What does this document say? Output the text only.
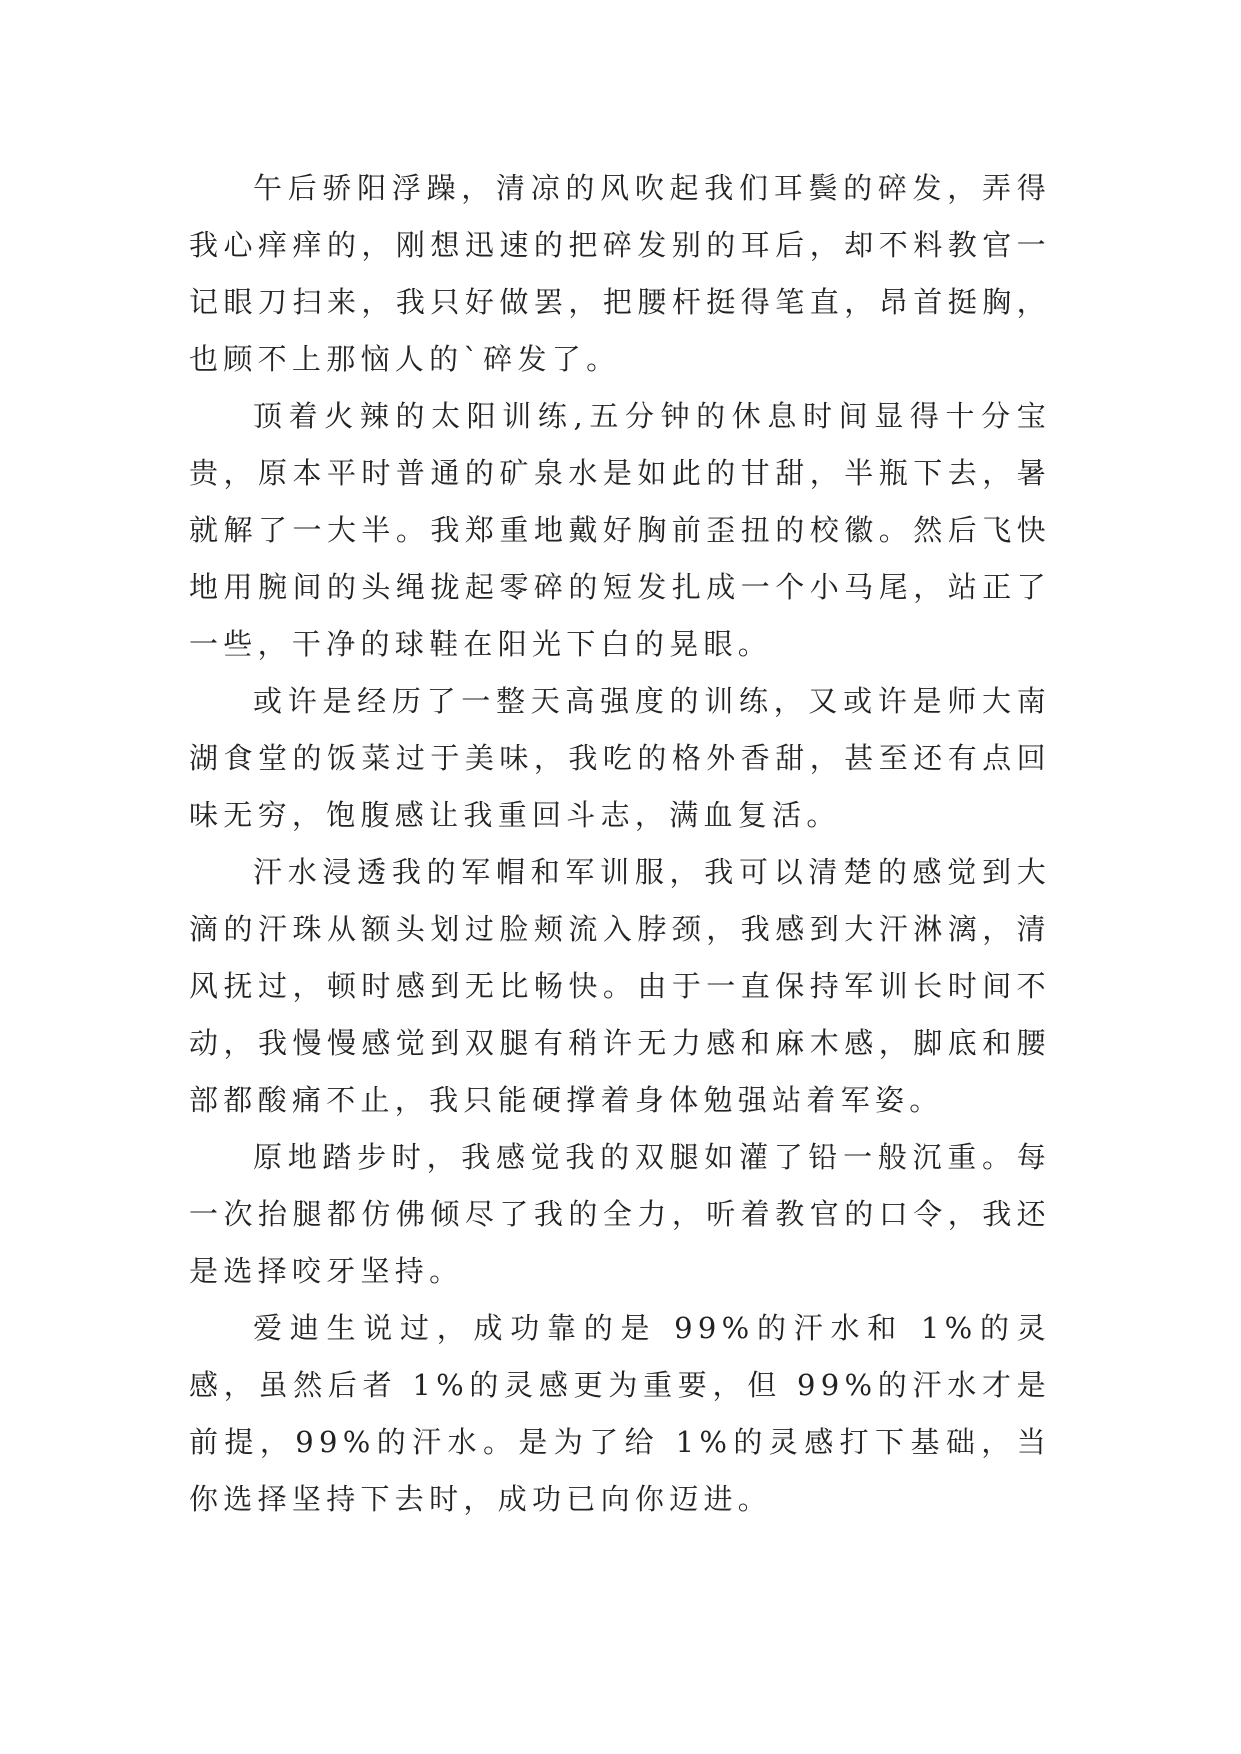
午后骄阳浮躁，清凉的风吹起我们耳鬓的碎发，弄得我心痒痒的，刚想迅速的把碎发别的耳后，却不料教官一记眼刀扫来，我只好做罢，把腰杆挺得笔直，昂首挺胸，也顾不上那恼人的`碎发了。

顶着火辣的太阳训练,五分钟的休息时间显得十分宝贵，原本平时普通的矿泉水是如此的甘甜，半瓶下去，暑就解了一大半。我郑重地戴好胸前歪扭的校徽。然后飞快地用腕间的头绳拢起零碎的短发扎成一个小马尾，站正了一些，干净的球鞋在阳光下白的晃眼。

或许是经历了一整天高强度的训练，又或许是师大南湖食堂的饭菜过于美味，我吃的格外香甜，甚至还有点回味无穷，饱腹感让我重回斗志，满血复活。

汗水浸透我的军帽和军训服，我可以清楚的感觉到大滴的汗珠从额头划过脸颊流入脖颈，我感到大汗淋漓，清风抚过，顿时感到无比畅快。由于一直保持军训长时间不动，我慢慢感觉到双腿有稍许无力感和麻木感，脚底和腰部都酸痛不止，我只能硬撑着身体勉强站着军姿。

原地踏步时，我感觉我的双腿如灌了铅一般沉重。每一次抬腿都仿佛倾尽了我的全力，听着教官的口令，我还是选择咬牙坚持。

爱迪生说过，成功靠的是 99%的汗水和 1%的灵感，虽然后者 1%的灵感更为重要，但 99%的汗水才是前提，99%的汗水。是为了给 1%的灵感打下基础，当你选择坚持下去时，成功已向你迈进。
